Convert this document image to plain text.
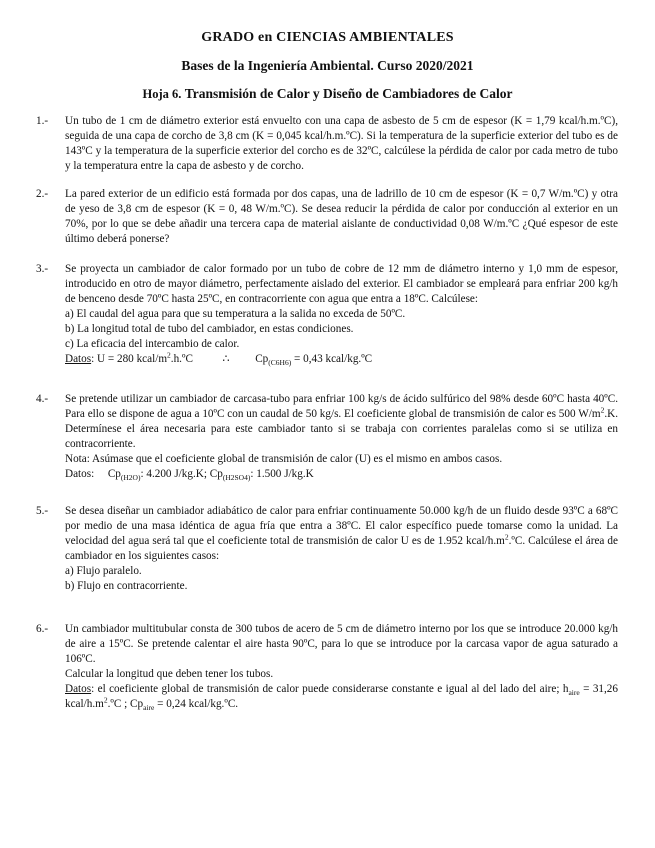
GRADO en CIENCIAS AMBIENTALES
Bases de la Ingeniería Ambiental. Curso 2020/2021
Hoja 6. Transmisión de Calor y Diseño de Cambiadores de Calor
1.- Un tubo de 1 cm de diámetro exterior está envuelto con una capa de asbesto de 5 cm de espesor (K = 1,79 kcal/h.m.ºC), seguida de una capa de corcho de 3,8 cm (K = 0,045 kcal/h.m.ºC). Si la temperatura de la superficie exterior del tubo es de 143ºC y la temperatura de la superficie exterior del corcho es de 32ºC, calcúlese la pérdida de calor por cada metro de tubo y la temperatura entre la capa de asbesto y de corcho.

2.- La pared exterior de un edificio está formada por dos capas, una de ladrillo de 10 cm de espesor (K = 0,7 W/m.ºC) y otra de yeso de 3,8 cm de espesor (K = 0, 48 W/m.ºC). Se desea reducir la pérdida de calor por conducción al exterior en un 70%, por lo que se debe añadir una tercera capa de material aislante de conductividad 0,08 W/m.ºC ¿Qué espesor de este último deberá ponerse?

3.- Se proyecta un cambiador de calor formado por un tubo de cobre de 12 mm de diámetro interno y 1,0 mm de espesor, introducido en otro de mayor diámetro, perfectamente aislado del exterior. El cambiador se empleará para enfriar 200 kg/h de benceno desde 70ºC hasta 25ºC, en contracorriente con agua que entra a 18ºC. Calcúlese:

a) El caudal del agua para que su temperatura a la salida no exceda de 50ºC.
b) La longitud total de tubo del cambiador, en estas condiciones.
c) La eficacia del intercambio de calor.
Datos: U = 280 kcal/$m^2.h.ºC$	∴ $Cp_{(C6H6)} = 0,43$ kcal/kg.ºC
4.- Se pretende utilizar un cambiador de carcasa-tubo para enfriar 100 kg/s de ácido sulfúrico del 98% desde 60ºC hasta 40ºC. Para ello se dispone de agua a 10ºC con un caudal de 50 kg/s. El coeficiente global de transmisión de calor es 500 $W/m^2.K$. Determínese el área necesaria para este cambiador tanto si se trabaja con corrientes paralelas como si se utiliza en contracorriente.

Nota: Asúmase que el coeficiente global de transmisión de calor (U) es el mismo en ambos casos.
Datos: $Cp_{(H2O)}$: 4.200 J/kg.K; $Cp_{(H2SO4)}$: 1.500 J/kg.K
5.- Se desea diseñar un cambiador adiabático de calor para enfriar continuamente 50.000 kg/h de un fluido desde 93ºC a 68ºC por medio de una masa idéntica de agua fría que entra a 38ºC. El calor específico puede tomarse como la unidad. La velocidad del agua será tal que el coeficiente total de transmisión de calor U es de 1.952 kcal/$h.m^2.ºC$. Calcúlese el área de cambiador en los siguientes casos:

a) Flujo paralelo.
b) Flujo en contracorriente.
6.- Un cambiador multitubular consta de 300 tubos de acero de 5 cm de diámetro interno por los que se introduce 20.000 kg/h de aire a 15ºC. Se pretende calentar el aire hasta 90ºC, para lo que se introduce por la carcasa vapor de agua saturado a 106ºC.

Calcular la longitud que deben tener los tubos.

Datos: el coeficiente global de transmisión de calor puede considerarse constante e igual al del lado del aire; $h_{aire} = 31,26$ kcal/$h.m^2.ºC$ ; $Cp_{aire} = 0,24$ kcal/kg.ºC.
